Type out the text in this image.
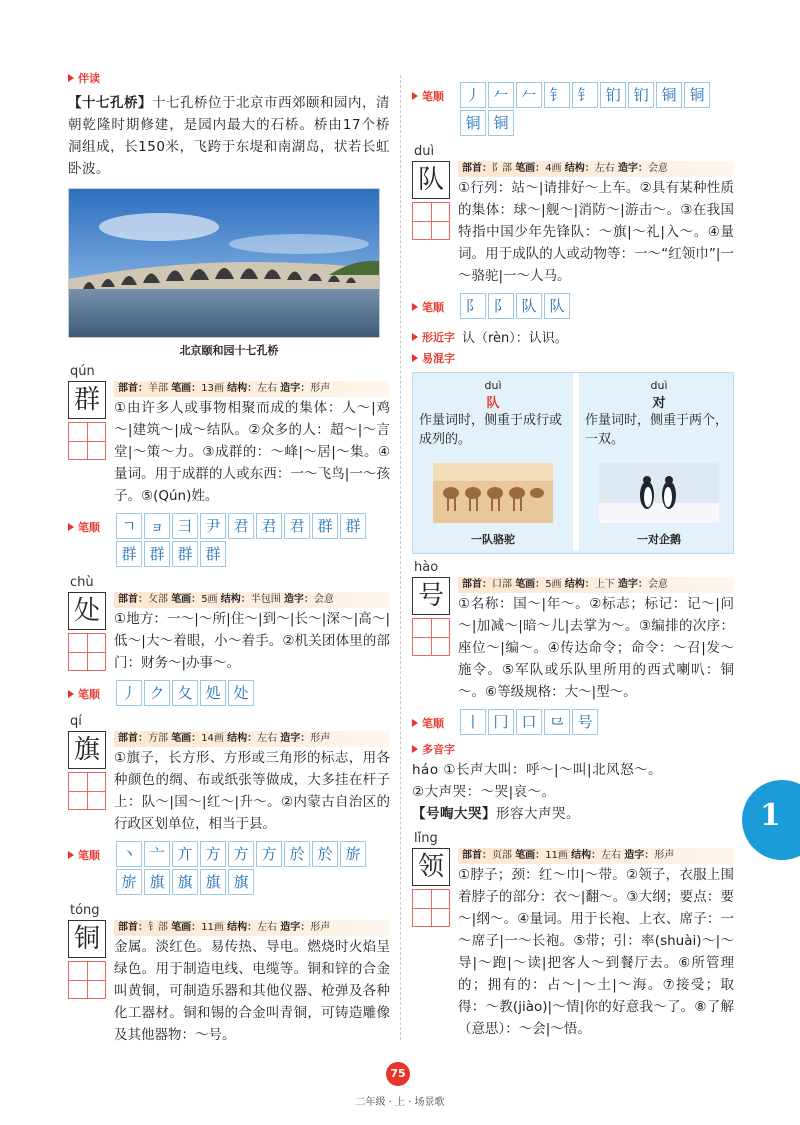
伴读
【十七孔桥】十七孔桥位于北京市西郊颐和园内，清朝乾隆时期修建，是园内最大的石桥。桥由17个桥洞组成，长150米，飞跨于东堤和南湖岛，状若长虹卧波。
北京颐和园十七孔桥
qún
群	部首：羊部 笔画：13画 结构：左右 造字：形声
①由许多人或事物相聚而成的集体：人～|鸡～|建筑～|成～结队。②众多的人：超～|～言堂|～策～力。③成群的：～峰|～居|～集。④量词。用于成群的人或东西：一～飞鸟|一～孩子。⑤(Qún)姓。
笔顺	ㄱ ョ ⺕ 尹 君 君 君 群 群
群 群 群 群
chù
处	部首：攵部 笔画：5画 结构：半包围 造字：会意
①地方：一～|～所|住～|到～|长～|深～|高～|低～|大～着眼，小～着手。②机关团体里的部门：财务～|办事～。
笔顺	丿 ク 夂 処 处
qí
旗	部首：方部 笔画：14画 结构：左右 造字：形声
①旗子，长方形、方形或三角形的标志，用各种颜色的绸、布或纸张等做成，大多挂在杆子上：队～|国～|红～|升～。②内蒙古自治区的行政区划单位，相当于县。
笔顺	丶 亠 亣 方 方 方 於 於 旂
旂 旗 旗 旗 旗
tóng
铜	部首：钅部 笔画：11画 结构：左右 造字：形声
金属。淡红色。易传热、导电。燃烧时火焰呈绿色。用于制造电线、电缆等。铜和锌的合金叫黄铜，可制造乐器和其他仪器、枪弹及各种化工器材。铜和锡的合金叫青铜，可铸造雕像及其他器物：～号。
笔顺	丿 𠂉 𠂉 钅 钅 钔 钔 铜 铜
铜 铜
duì
队	部首：阝部 笔画：4画 结构：左右 造字：会意
①行列：站～|请排好～上车。②具有某种性质的集体：球～|舰～|消防～|游击～。③在我国特指中国少年先锋队：～旗|～礼|入～。④量词。用于成队的人或动物等：一～“红领巾”|一～骆驼|一～人马。
笔顺	阝 阝 队 队
形近字 认（rèn）：认识。
易混字
duì
队
作量词时，侧重于成行或成列的。
一队骆驼
duì
对
作量词时，侧重于两个，一双。
一对企鹅
hào
号	部首：口部 笔画：5画 结构：上下 造字：会意
①名称：国～|年～。②标志；标记：记～|问～|加减～|暗～儿|去掌为～。③编排的次序：座位～|编～。④传达命令；命令：～召|发～施令。⑤军队或乐队里所用的西式喇叭：铜～。⑥等级规格：大～|型～。
笔顺	丨 冂 口 ⺋ 号
多音字
háo ①长声大叫：呼～|～叫|北风怒～。
②大声哭：～哭|哀～。
【号啕大哭】形容大声哭。
lǐng
领	部首：页部 笔画：11画 结构：左右 造字：形声
①脖子；颈：红～巾|～带。②领子，衣服上围着脖子的部分：衣～|翻～。③大纲；要点：要～|纲～。④量词。用于长袍、上衣、席子：一～席子|一～长袍。⑤带；引：率(shuài)～|～导|～跑|～读|把客人～到餐厅去。⑥所管理的；拥有的：占～|～土|～海。⑦接受；取得：～教(jiào)|～情|你的好意我～了。⑧了解（意思）：～会|～悟。
1
75
二年级 · 上 · 场景歌
